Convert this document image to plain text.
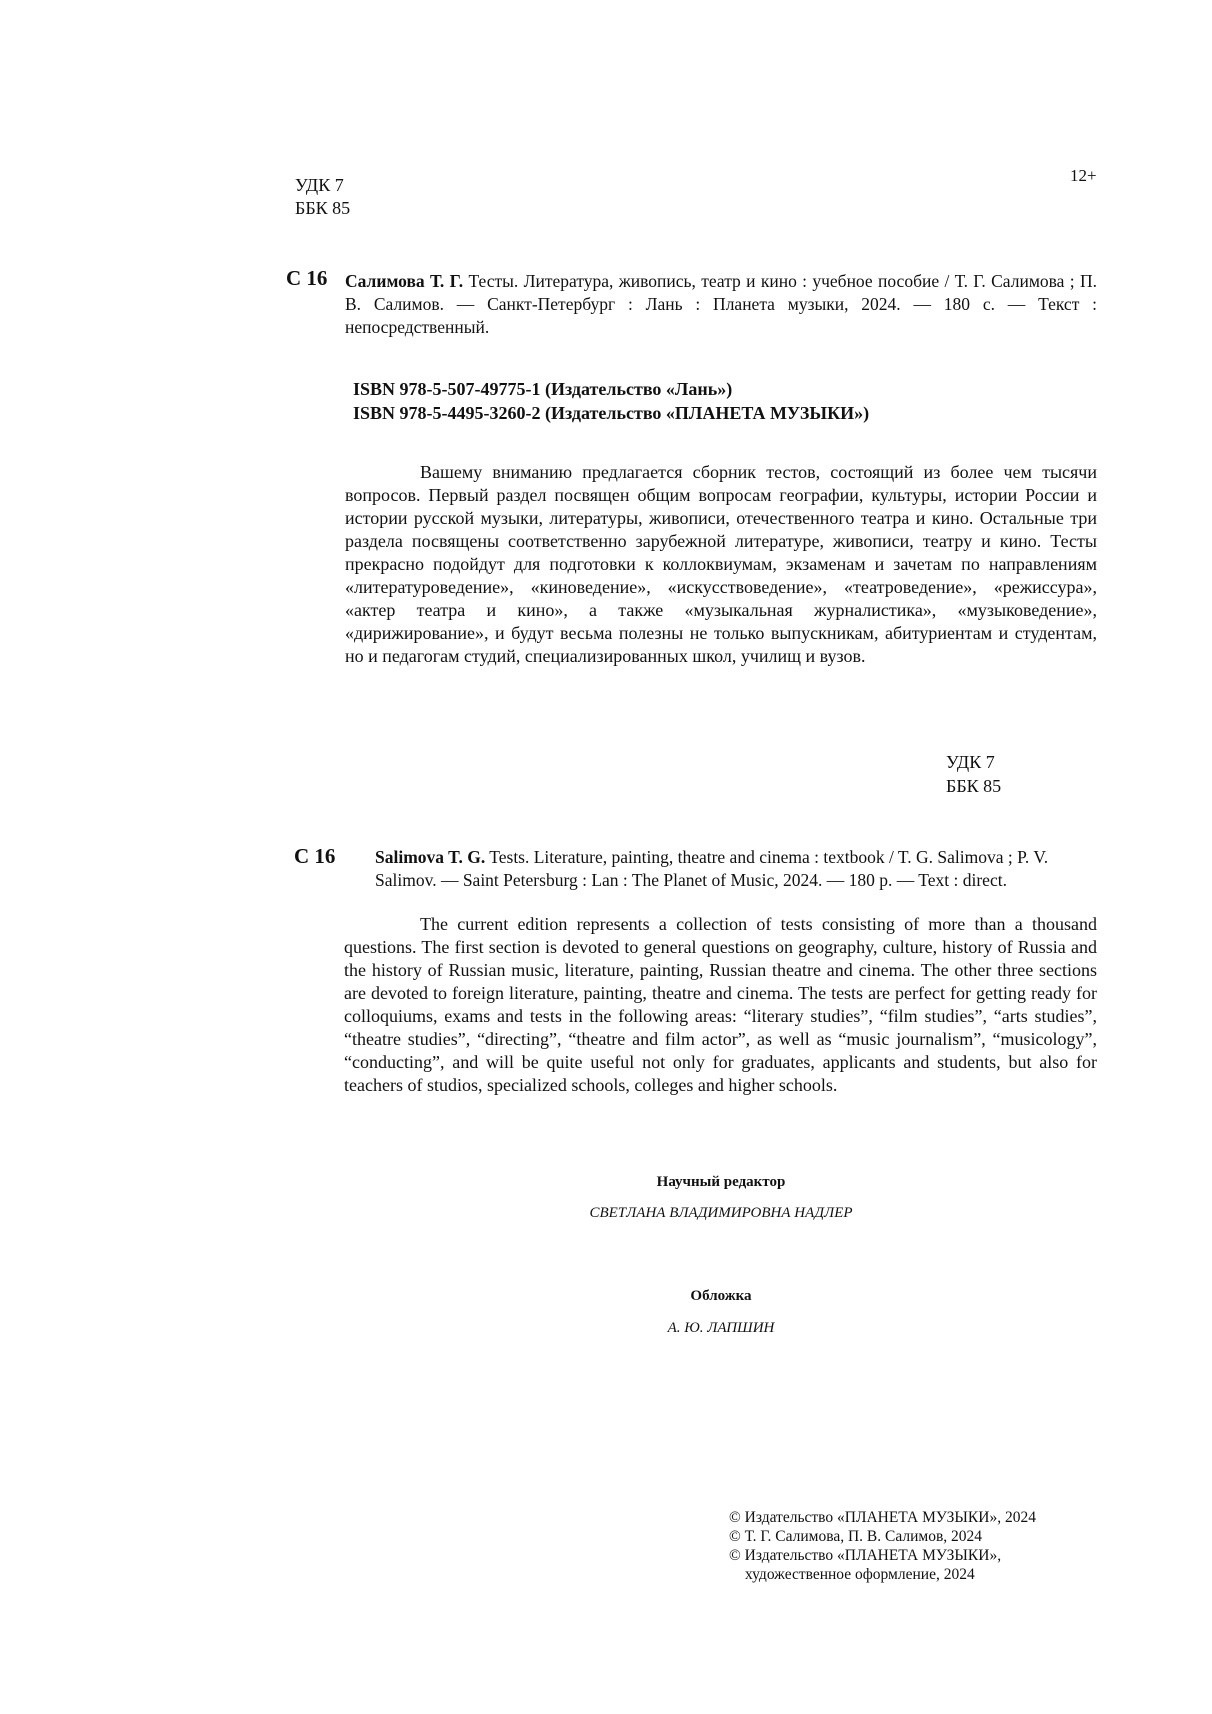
УДК 7
ББК 85
12+
С 16 Салимова Т. Г. Тесты. Литература, живопись, театр и кино : учебное пособие / Т. Г. Салимова ; П. В. Салимов. — Санкт-Петербург : Лань : Планета музыки, 2024. — 180 с. — Текст : непосредственный.
ISBN 978-5-507-49775-1 (Издательство «Лань»)
ISBN 978-5-4495-3260-2 (Издательство «ПЛАНЕТА МУЗЫКИ»)
Вашему вниманию предлагается сборник тестов, состоящий из более чем тысячи вопросов. Первый раздел посвящен общим вопросам географии, культуры, истории России и истории русской музыки, литературы, живописи, отечественного театра и кино. Остальные три раздела посвящены соответственно зарубежной литературе, живописи, театру и кино. Тесты прекрасно подойдут для подготовки к коллоквиумам, экзаменам и зачетам по направлениям «литературоведение», «киноведение», «искусствоведение», «театроведение», «режиссура», «актер театра и кино», а также «музыкальная журналистика», «музыковедение», «дирижирование», и будут весьма полезны не только выпускникам, абитуриентам и студентам, но и педагогам студий, специализированных школ, училищ и вузов.
УДК 7
ББК 85
С 16 Salimova T. G. Tests. Literature, painting, theatre and cinema : textbook / T. G. Salimova ; P. V. Salimov. — Saint Petersburg : Lan : The Planet of Music, 2024. — 180 p. — Text : direct.
The current edition represents a collection of tests consisting of more than a thousand questions. The first section is devoted to general questions on geography, culture, history of Russia and the history of Russian music, literature, painting, Russian theatre and cinema. The other three sections are devoted to foreign literature, painting, theatre and cinema. The tests are perfect for getting ready for colloquiums, exams and tests in the following areas: “literary studies”, “film studies”, “arts studies”, “theatre studies”, “directing”, “theatre and film actor”, as well as “music journalism”, “musicology”, “conducting”, and will be quite useful not only for graduates, applicants and students, but also for teachers of studios, specialized schools, colleges and higher schools.
Научный редактор
СВЕТЛАНА ВЛАДИМИРОВНА НАДЛЕР
Обложка
А. Ю. ЛАПШИН
© Издательство «ПЛАНЕТА МУЗЫКИ», 2024
© Т. Г. Салимова, П. В. Салимов, 2024
© Издательство «ПЛАНЕТА МУЗЫКИ»,
художественное оформление, 2024
